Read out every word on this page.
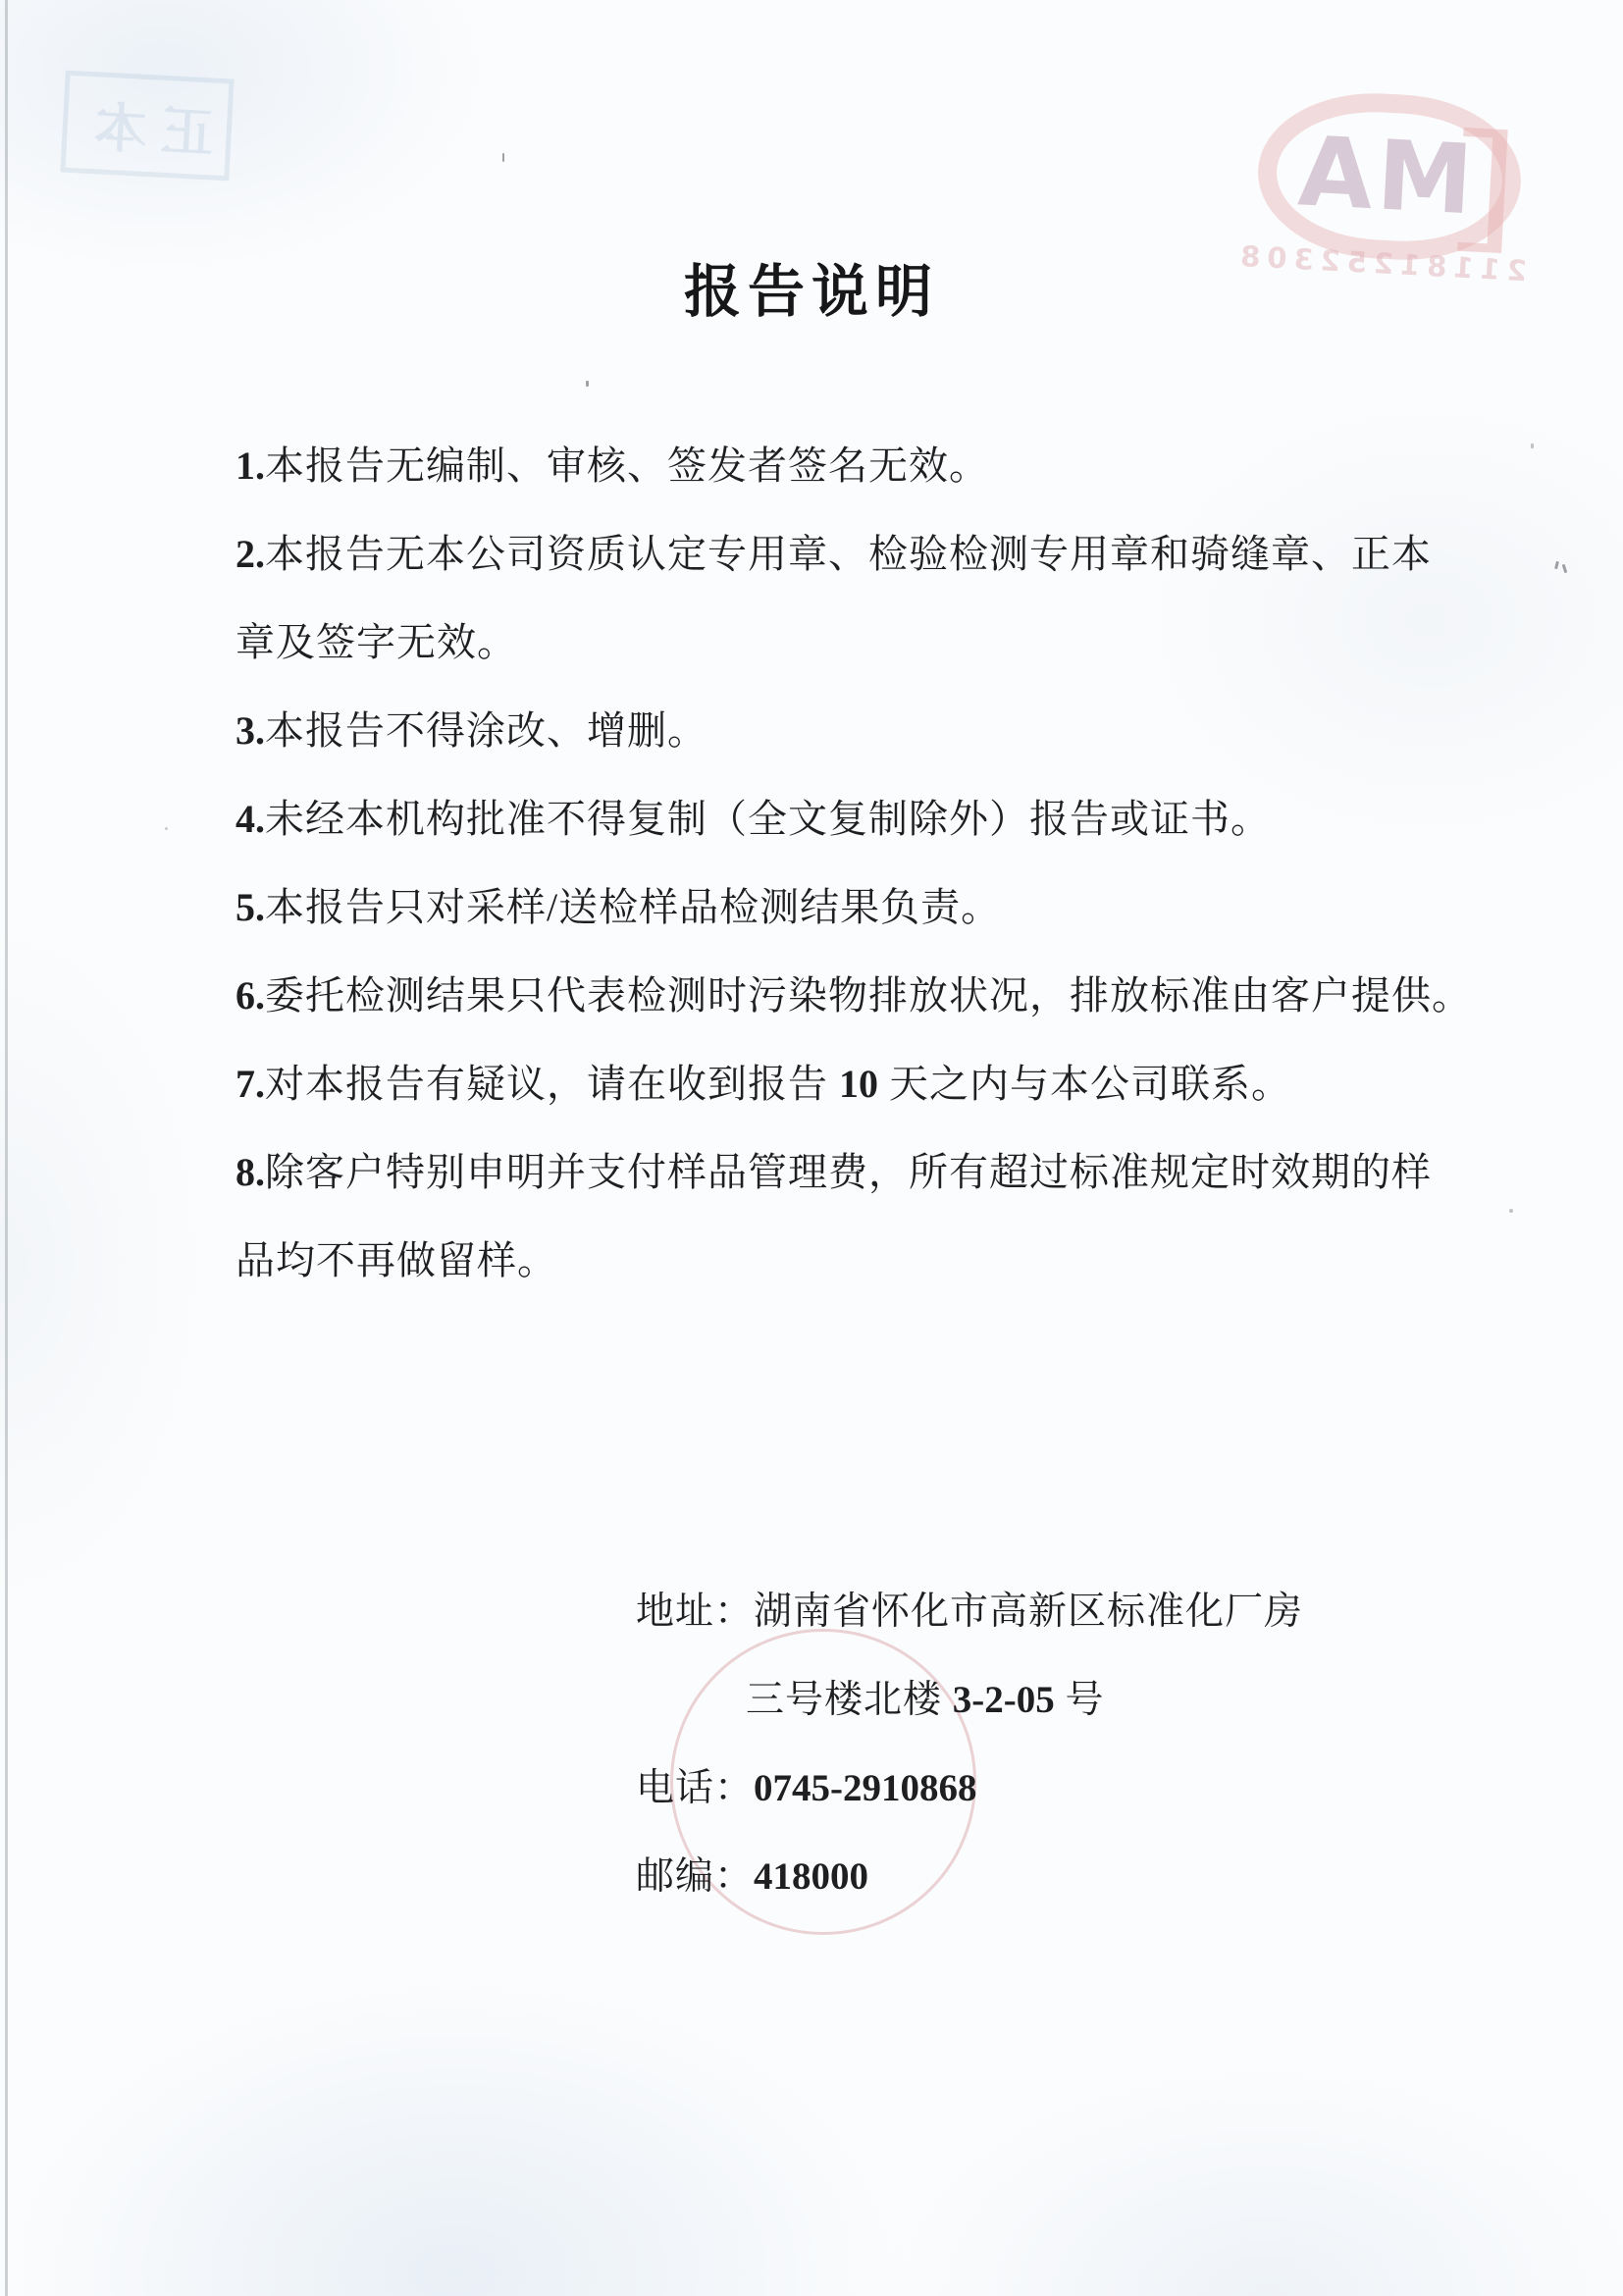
正本	MA
21181252308
报告说明
1.本报告无编制、审核、签发者签名无效。
2.本报告无本公司资质认定专用章、检验检测专用章和骑缝章、正本
章及签字无效。
3.本报告不得涂改、增删。
4.未经本机构批准不得复制（全文复制除外）报告或证书。
5.本报告只对采样/送检样品检测结果负责。
6.委托检测结果只代表检测时污染物排放状况，排放标准由客户提供。
7.对本报告有疑议，请在收到报告 10 天之内与本公司联系。
8.除客户特别申明并支付样品管理费，所有超过标准规定时效期的样
品均不再做留样。
地址：湖南省怀化市高新区标准化厂房
三号楼北楼 3-2-05 号
电话：0745-2910868
邮编：418000
